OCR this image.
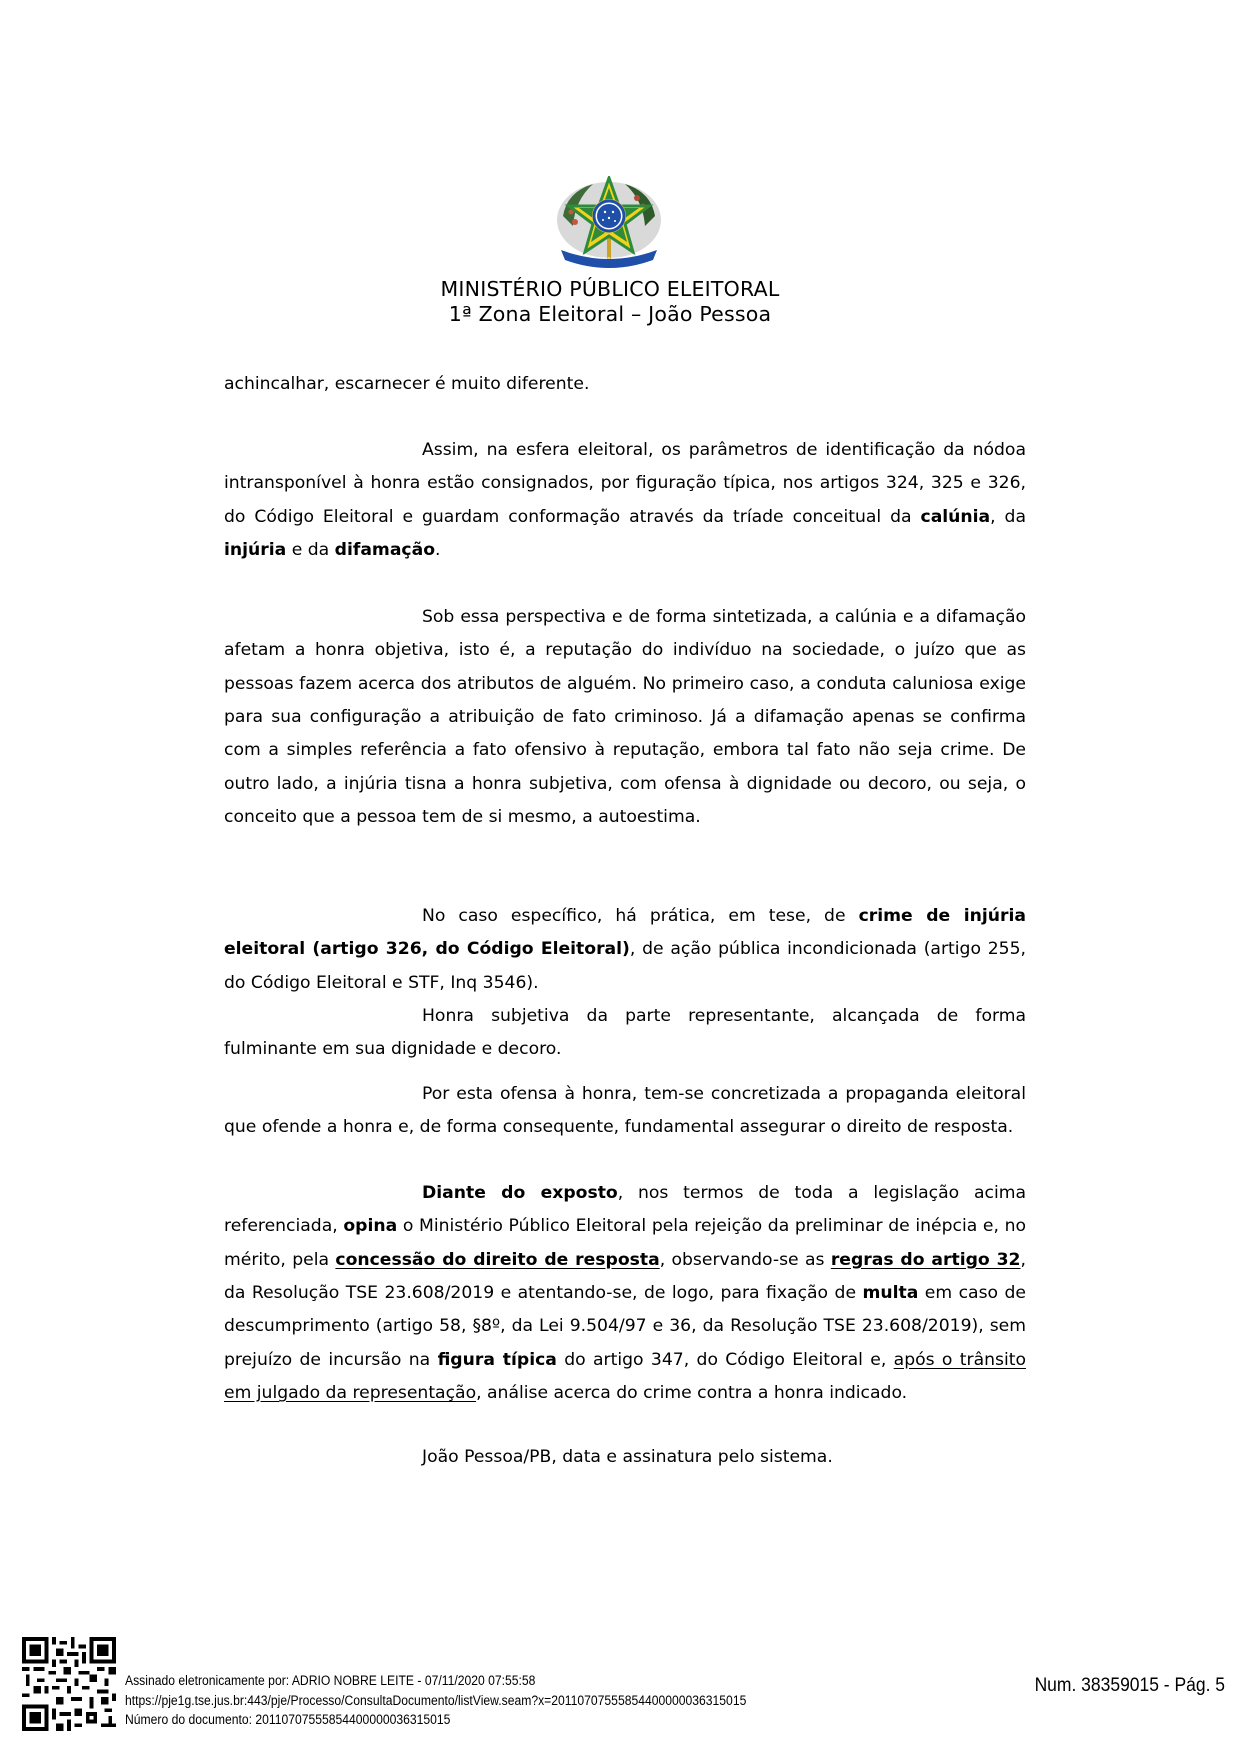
MINISTÉRIO PÚBLICO ELEITORAL
1ª Zona Eleitoral – João Pessoa

achincalhar, escarnecer é muito diferente.

Assim, na esfera eleitoral, os parâmetros de identificação da nódoa intransponível à honra estão consignados, por figuração típica, nos artigos 324, 325 e 326, do Código Eleitoral e guardam conformação através da tríade conceitual da calúnia, da injúria e da difamação.

Sob essa perspectiva e de forma sintetizada, a calúnia e a difamação afetam a honra objetiva, isto é, a reputação do indivíduo na sociedade, o juízo que as pessoas fazem acerca dos atributos de alguém. No primeiro caso, a conduta caluniosa exige para sua configuração a atribuição de fato criminoso. Já a difamação apenas se confirma com a simples referência a fato ofensivo à reputação, embora tal fato não seja crime. De outro lado, a injúria tisna a honra subjetiva, com ofensa à dignidade ou decoro, ou seja, o conceito que a pessoa tem de si mesmo, a autoestima.

No caso específico, há prática, em tese, de crime de injúria eleitoral (artigo 326, do Código Eleitoral), de ação pública incondicionada (artigo 255, do Código Eleitoral e STF, Inq 3546).

Honra subjetiva da parte representante, alcançada de forma fulminante em sua dignidade e decoro.

Por esta ofensa à honra, tem-se concretizada a propaganda eleitoral que ofende a honra e, de forma consequente, fundamental assegurar o direito de resposta.

Diante do exposto, nos termos de toda a legislação acima referenciada, opina o Ministério Público Eleitoral pela rejeição da preliminar de inépcia e, no mérito, pela concessão do direito de resposta, observando-se as regras do artigo 32, da Resolução TSE 23.608/2019 e atentando-se, de logo, para fixação de multa em caso de descumprimento (artigo 58, §8º, da Lei 9.504/97 e 36, da Resolução TSE 23.608/2019), sem prejuízo de incursão na figura típica do artigo 347, do Código Eleitoral e, após o trânsito em julgado da representação, análise acerca do crime contra a honra indicado.

João Pessoa/PB, data e assinatura pelo sistema.
Assinado eletronicamente por: ADRIO NOBRE LEITE - 07/11/2020 07:55:58
https://pje1g.tse.jus.br:443/pje/Processo/ConsultaDocumento/listView.seam?x=20110707555854400000036315015
Número do documento: 20110707555854400000036315015
Num. 38359015 - Pág. 5
